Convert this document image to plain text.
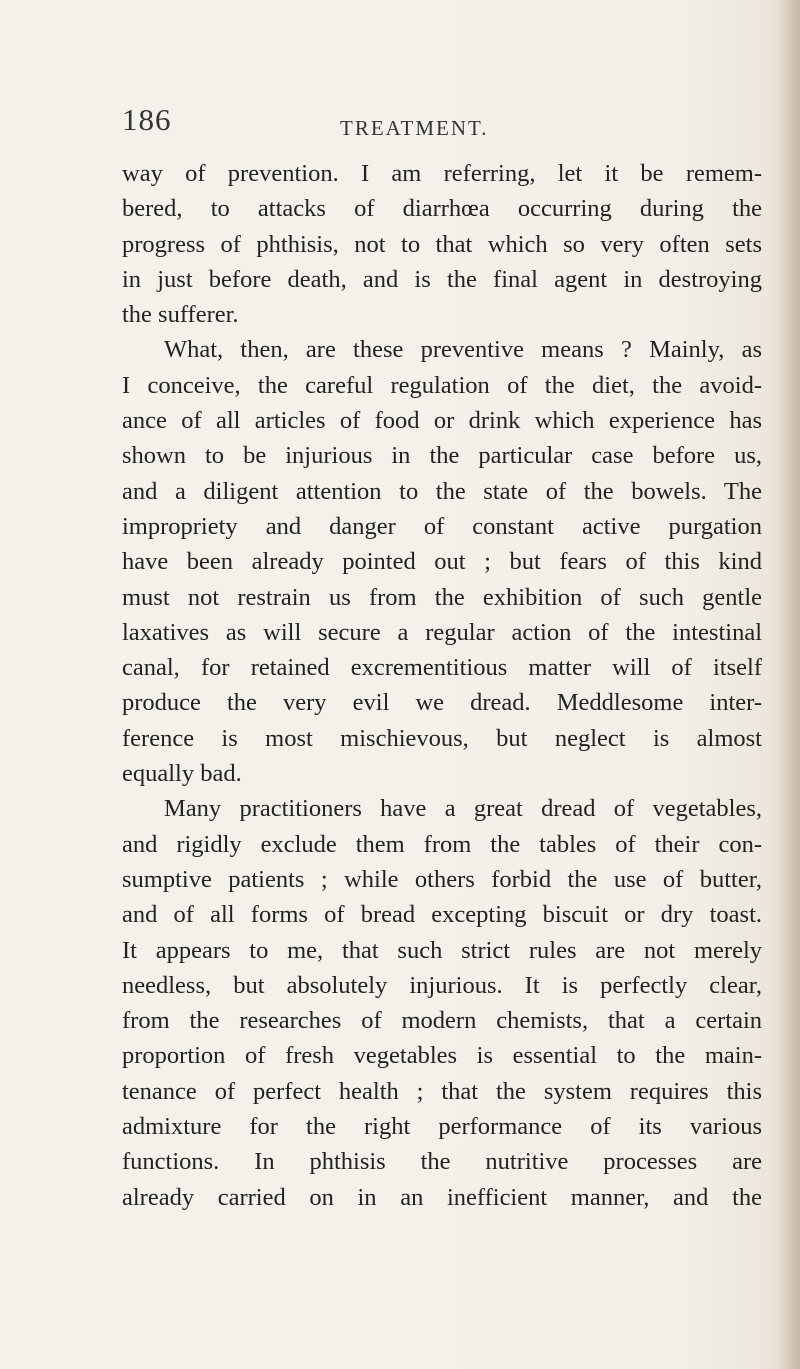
186	TREATMENT.
way of prevention. I am referring, let it be remem-
bered, to attacks of diarrhœa occurring during the
progress of phthisis, not to that which so very often sets
in just before death, and is the final agent in destroying
the sufferer.
What, then, are these preventive means ? Mainly, as
I conceive, the careful regulation of the diet, the avoid-
ance of all articles of food or drink which experience has
shown to be injurious in the particular case before us,
and a diligent attention to the state of the bowels. The
impropriety and danger of constant active purgation
have been already pointed out ; but fears of this kind
must not restrain us from the exhibition of such gentle
laxatives as will secure a regular action of the intestinal
canal, for retained excrementitious matter will of itself
produce the very evil we dread. Meddlesome inter-
ference is most mischievous, but neglect is almost
equally bad.
Many practitioners have a great dread of vegetables,
and rigidly exclude them from the tables of their con-
sumptive patients ; while others forbid the use of butter,
and of all forms of bread excepting biscuit or dry toast.
It appears to me, that such strict rules are not merely
needless, but absolutely injurious. It is perfectly clear,
from the researches of modern chemists, that a certain
proportion of fresh vegetables is essential to the main-
tenance of perfect health ; that the system requires this
admixture for the right performance of its various
functions. In phthisis the nutritive processes are
already carried on in an inefficient manner, and the
